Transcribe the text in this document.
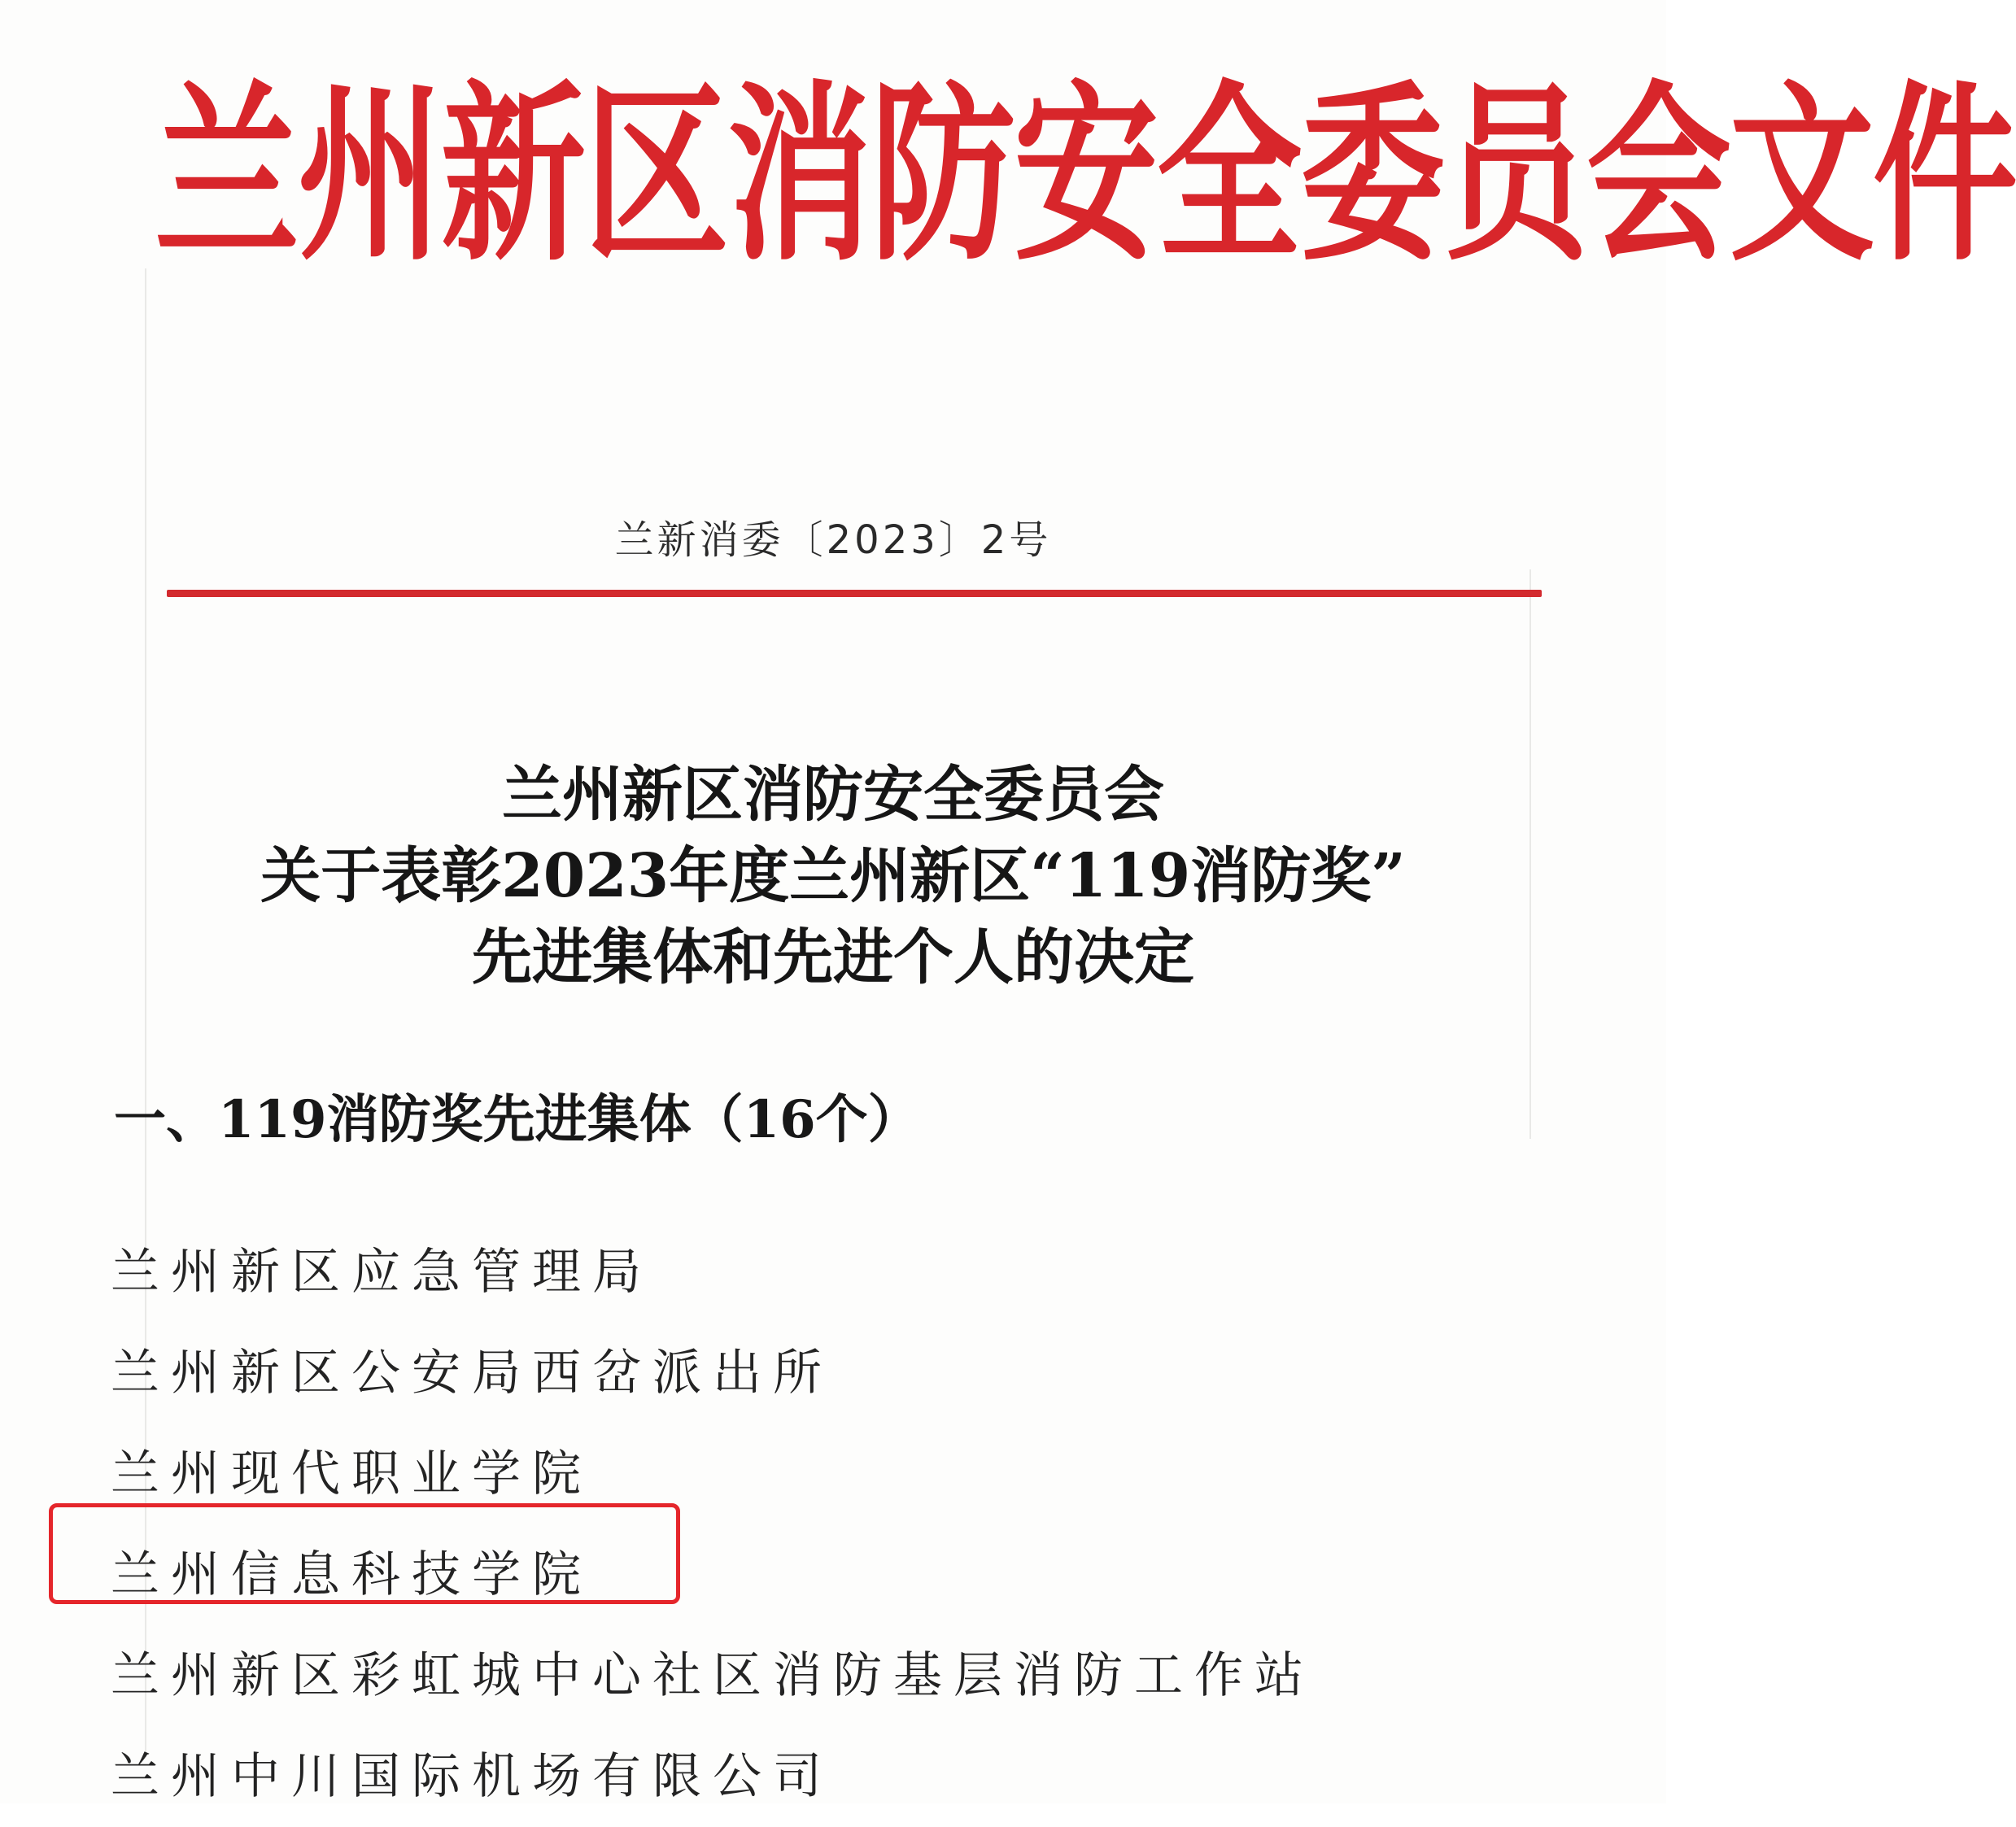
兰州新区消防安全委员会文件
兰新消委〔2023〕2号
兰州新区消防安全委员会
关于表彰2023年度兰州新区“119消防奖”
先进集体和先进个人的决定
一、119消防奖先进集体（16个）
兰州新区应急管理局
兰州新区公安局西岔派出所
兰州现代职业学院
兰州信息科技学院
兰州新区彩虹城中心社区消防基层消防工作站
兰州中川国际机场有限公司
